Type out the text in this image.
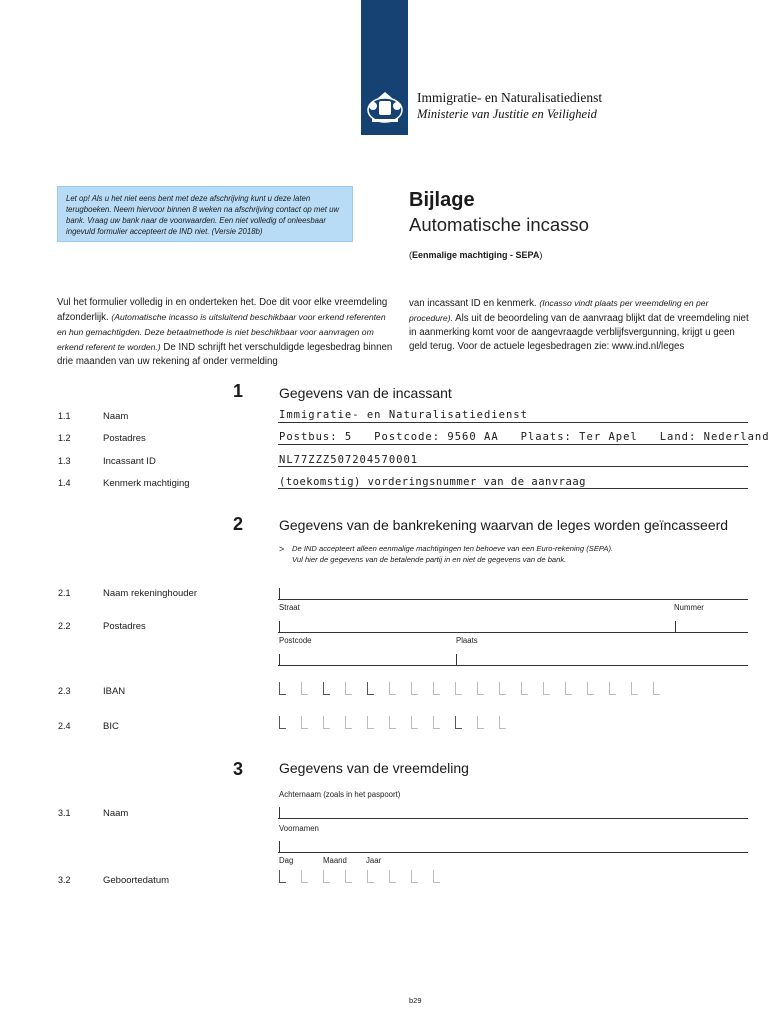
Immigratie- en Naturalisatiedienst
Ministerie van Justitie en Veiligheid
Let op! Als u het niet eens bent met deze afschrijving kunt u deze laten terugboeken. Neem hiervoor binnen 8 weken na afschrijving contact op met uw bank. Vraag uw bank naar de voorwaarden. Een niet volledig of onleesbaar ingevuld formulier accepteert de IND niet. (Versie 2018b)
Bijlage
Automatische incasso
(Eenmalige machtiging - SEPA)
Vul het formulier volledig in en onderteken het. Doe dit voor elke vreemdeling afzonderlijk. (Automatische incasso is uitsluitend beschikbaar voor erkend referenten en hun gemachtigden. Deze betaalmethode is niet beschikbaar voor aanvragen om erkend referent te worden.) De IND schrijft het verschuldigde legesbedrag binnen drie maanden van uw rekening af onder vermelding
van incassant ID en kenmerk. (Incasso vindt plaats per vreemdeling en per procedure). Als uit de beoordeling van de aanvraag blijkt dat de vreemdeling niet in aanmerking komt voor de aangevraagde verblijfsvergunning, krijgt u geen geld terug. Voor de actuele legesbedragen zie: www.ind.nl/leges
1	Gegevens van de incassant
1.1	Naam	Immigratie- en Naturalisatiedienst
1.2	Postadres	Postbus: 5   Postcode: 9560 AA   Plaats: Ter Apel   Land: Nederland
1.3	Incassant ID	NL77ZZZ507204570001
1.4	Kenmerk machtiging	(toekomstig) vorderingsnummer van de aanvraag
2	Gegevens van de bankrekening waarvan de leges worden geïncasseerd
> De IND accepteert alleen eenmalige machtigingen ten behoeve van een Euro-rekening (SEPA).
Vul hier de gegevens van de betalende partij in en niet de gegevens van de bank.
2.1	Naam rekeninghouder
Straat	Nummer
2.2	Postadres
Postcode	Plaats
2.3	IBAN
2.4	BIC
3	Gegevens van de vreemdeling
Achternaam (zoals in het paspoort)
3.1	Naam
Voornamen
Dag	Maand Jaar
3.2	Geboortedatum
b29
